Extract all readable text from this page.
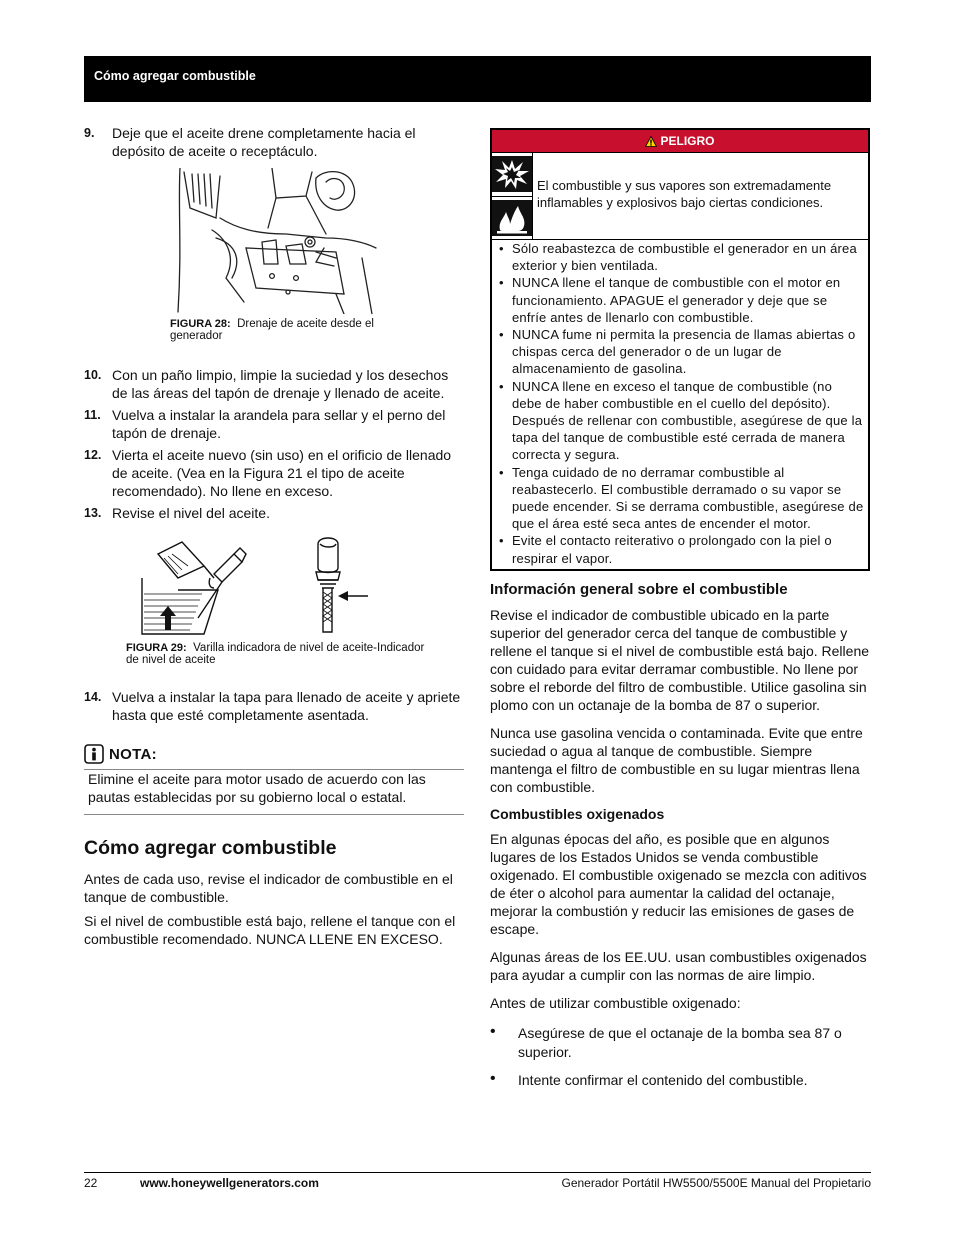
Cómo agregar combustible
9.	Deje que el aceite drene completamente hacia el depósito de aceite o receptáculo.
FIGURA 28: Drenaje de aceite desde el generador
10. Con un paño limpio, limpie la suciedad y los desechos de las áreas del tapón de drenaje y llenado de aceite.
11. Vuelva a instalar la arandela para sellar y el perno del tapón de drenaje.
12. Vierta el aceite nuevo (sin uso) en el orificio de llenado de aceite. (Vea en la Figura 21 el tipo de aceite recomendado). No llene en exceso.
13. Revise el nivel del aceite.
FIGURA 29: Varilla indicadora de nivel de aceite-Indicador de nivel de aceite
14. Vuelva a instalar la tapa para llenado de aceite y apriete hasta que esté completamente asentada.
NOTA:
Elimine el aceite para motor usado de acuerdo con las pautas establecidas por su gobierno local o estatal.
Cómo agregar combustible
Antes de cada uso, revise el indicador de combustible en el tanque de combustible.
Si el nivel de combustible está bajo, rellene el tanque con el combustible recomendado. NUNCA LLENE EN EXCESO.
PELIGRO
El combustible y sus vapores son extremadamente inflamables y explosivos bajo ciertas condiciones.
• Sólo reabastezca de combustible el generador en un área exterior y bien ventilada.
• NUNCA llene el tanque de combustible con el motor en funcionamiento. APAGUE el generador y deje que se enfríe antes de llenarlo con combustible.
• NUNCA fume ni permita la presencia de llamas abiertas o chispas cerca del generador o de un lugar de almacenamiento de gasolina.
• NUNCA llene en exceso el tanque de combustible (no debe de haber combustible en el cuello del depósito). Después de rellenar con combustible, asegúrese de que la tapa del tanque de combustible esté cerrada de manera correcta y segura.
• Tenga cuidado de no derramar combustible al reabastecerlo. El combustible derramado o su vapor se puede encender. Si se derrama combustible, asegúrese de que el área esté seca antes de encender el motor.
• Evite el contacto reiterativo o prolongado con la piel o respirar el vapor.
Información general sobre el combustible
Revise el indicador de combustible ubicado en la parte superior del generador cerca del tanque de combustible y rellene el tanque si el nivel de combustible está bajo. Rellene con cuidado para evitar derramar combustible. No llene por sobre el reborde del filtro de combustible. Utilice gasolina sin plomo con un octanaje de la bomba de 87 o superior.
Nunca use gasolina vencida o contaminada. Evite que entre suciedad o agua al tanque de combustible. Siempre mantenga el filtro de combustible en su lugar mientras llena con combustible.
Combustibles oxigenados
En algunas épocas del año, es posible que en algunos lugares de los Estados Unidos se venda combustible oxigenado. El combustible oxigenado se mezcla con aditivos de éter o alcohol para aumentar la calidad del octanaje, mejorar la combustión y reducir las emisiones de gases de escape.
Algunas áreas de los EE.UU. usan combustibles oxigenados para ayudar a cumplir con las normas de aire limpio.
Antes de utilizar combustible oxigenado:
•	Asegúrese de que el octanaje de la bomba sea 87 o superior.
•	Intente confirmar el contenido del combustible.
22	www.honeywellgenerators.com	Generador Portátil HW5500/5500E Manual del Propietario
